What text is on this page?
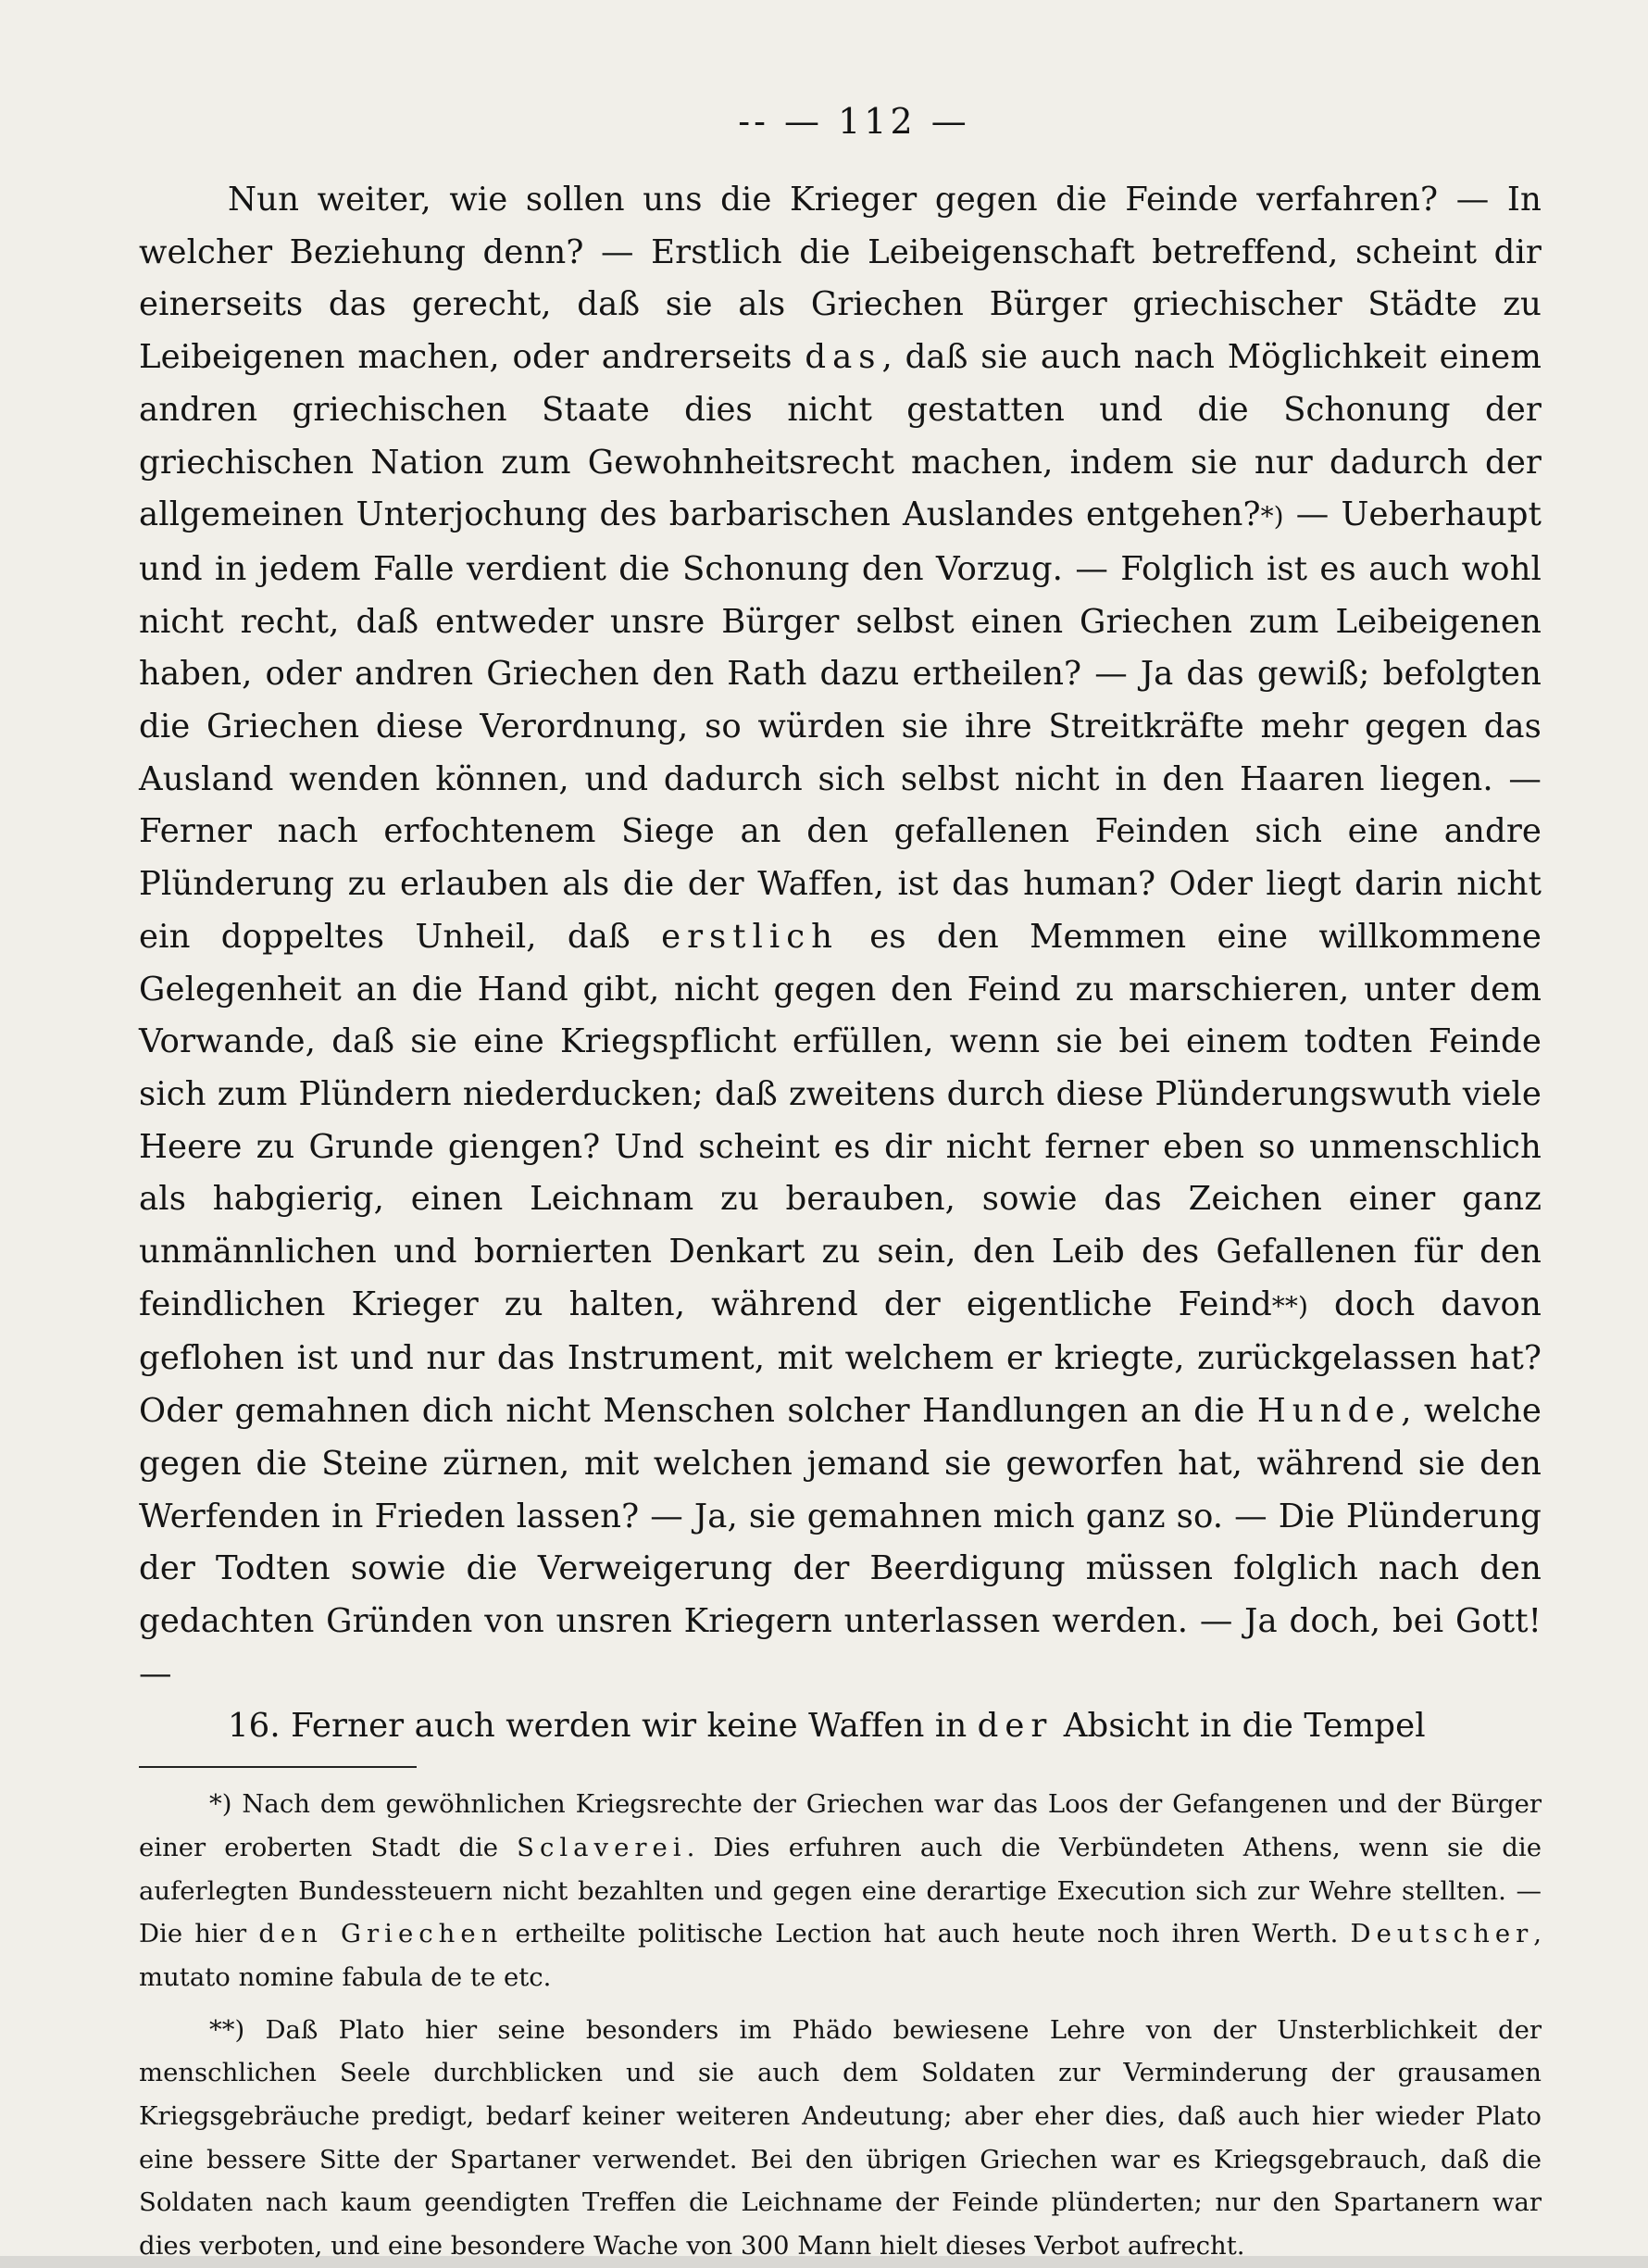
-- — 112 —

Nun weiter, wie sollen uns die Krieger gegen die Feinde verfahren? — In welcher Beziehung denn? — Erstlich die Leibeigenschaft betreffend, scheint dir einerseits das gerecht, daß sie als Griechen Bürger griechischer Städte zu Leibeigenen machen, oder andrerseits das, daß sie auch nach Möglichkeit einem andren griechischen Staate dies nicht gestatten und die Schonung der griechischen Nation zum Gewohnheitsrecht machen, indem sie nur dadurch der allgemeinen Unterjochung des barbarischen Auslandes entgehen?*) — Ueberhaupt und in jedem Falle verdient die Schonung den Vorzug. — Folglich ist es auch wohl nicht recht, daß entweder unsre Bürger selbst einen Griechen zum Leibeigenen haben, oder andren Griechen den Rath dazu ertheilen? — Ja das gewiß; befolgten die Griechen diese Verordnung, so würden sie ihre Streitkräfte mehr gegen das Ausland wenden können, und dadurch sich selbst nicht in den Haaren liegen. — Ferner nach erfochtenem Siege an den gefallenen Feinden sich eine andre Plünderung zu erlauben als die der Waffen, ist das human? Oder liegt darin nicht ein doppeltes Unheil, daß erstlich es den Memmen eine willkommene Gelegenheit an die Hand gibt, nicht gegen den Feind zu marschieren, unter dem Vorwande, daß sie eine Kriegspflicht erfüllen, wenn sie bei einem todten Feinde sich zum Plündern niederducken; daß zweitens durch diese Plünderungswuth viele Heere zu Grunde giengen? Und scheint es dir nicht ferner eben so unmenschlich als habgierig, einen Leichnam zu berauben, sowie das Zeichen einer ganz unmännlichen und bornierten Denkart zu sein, den Leib des Gefallenen für den feindlichen Krieger zu halten, während der eigentliche Feind**) doch davon geflohen ist und nur das Instrument, mit welchem er kriegte, zurückgelassen hat? Oder gemahnen dich nicht Menschen solcher Handlungen an die Hunde, welche gegen die Steine zürnen, mit welchen jemand sie geworfen hat, während sie den Werfenden in Frieden lassen? — Ja, sie gemahnen mich ganz so. — Die Plünderung der Todten sowie die Verweigerung der Beerdigung müssen folglich nach den gedachten Gründen von unsren Kriegern unterlassen werden. — Ja doch, bei Gott! —

16. Ferner auch werden wir keine Waffen in der Absicht in die Tempel

*) Nach dem gewöhnlichen Kriegsrechte der Griechen war das Loos der Gefangenen und der Bürger einer eroberten Stadt die Sclaverei. Dies erfuhren auch die Verbündeten Athens, wenn sie die auferlegten Bundessteuern nicht bezahlten und gegen eine derartige Execution sich zur Wehre stellten. — Die hier den Griechen ertheilte politische Lection hat auch heute noch ihren Werth. Deutscher, mutato nomine fabula de te etc.

**) Daß Plato hier seine besonders im Phädo bewiesene Lehre von der Unsterblichkeit der menschlichen Seele durchblicken und sie auch dem Soldaten zur Verminderung der grausamen Kriegsgebräuche predigt, bedarf keiner weiteren Andeutung; aber eher dies, daß auch hier wieder Plato eine bessere Sitte der Spartaner verwendet. Bei den übrigen Griechen war es Kriegsgebrauch, daß die Soldaten nach kaum geendigten Treffen die Leichname der Feinde plünderten; nur den Spartanern war dies verboten, und eine besondere Wache von 300 Mann hielt dieses Verbot aufrecht.
